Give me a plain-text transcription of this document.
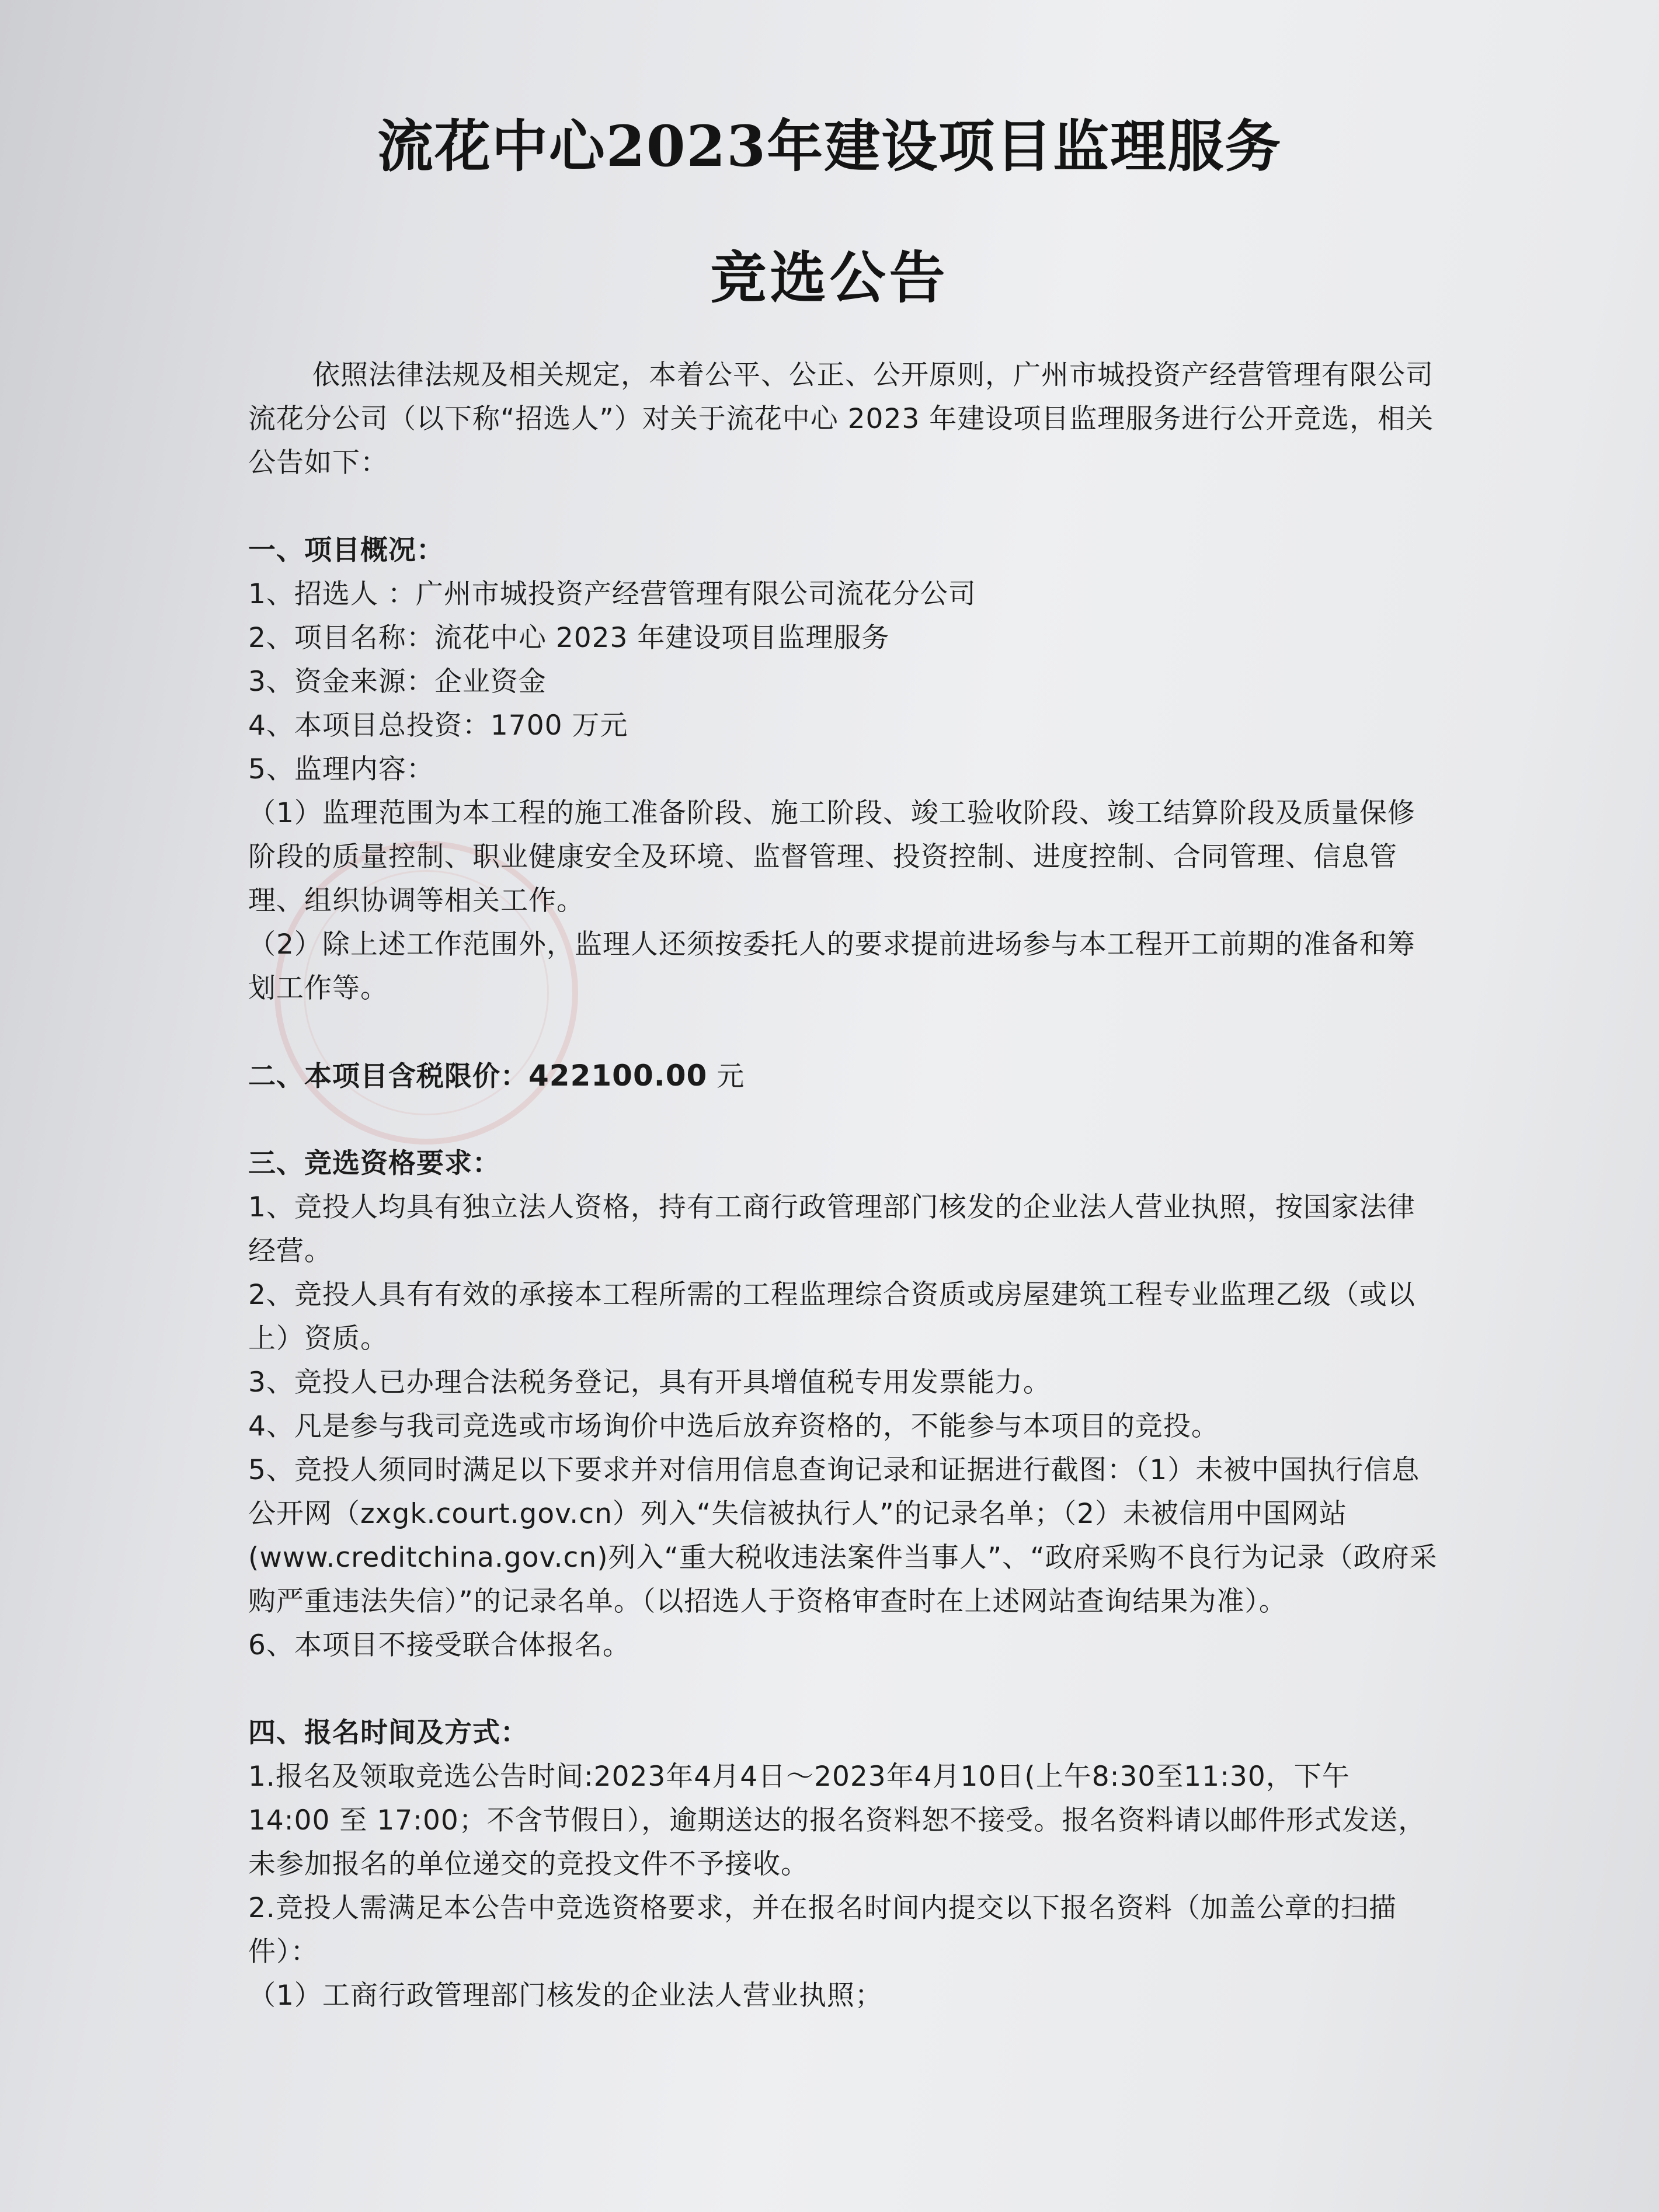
流花中心2023年建设项目监理服务
竞选公告
依照法律法规及相关规定，本着公平、公正、公开原则，广州市城投资产经营管理有限公司流花分公司（以下称“招选人”）对关于流花中心 2023 年建设项目监理服务进行公开竞选，相关公告如下：
一、项目概况：
1、招选人 ：广州市城投资产经营管理有限公司流花分公司
2、项目名称：流花中心 2023 年建设项目监理服务
3、资金来源：企业资金
4、本项目总投资：1700 万元
5、监理内容：
（1）监理范围为本工程的施工准备阶段、施工阶段、竣工验收阶段、竣工结算阶段及质量保修阶段的质量控制、职业健康安全及环境、监督管理、投资控制、进度控制、合同管理、信息管理、组织协调等相关工作。
（2）除上述工作范围外，监理人还须按委托人的要求提前进场参与本工程开工前期的准备和筹划工作等。
二、本项目含税限价：422100.00 元
三、竞选资格要求：
1、竞投人均具有独立法人资格，持有工商行政管理部门核发的企业法人营业执照，按国家法律经营。
2、竞投人具有有效的承接本工程所需的工程监理综合资质或房屋建筑工程专业监理乙级（或以上）资质。
3、竞投人已办理合法税务登记，具有开具增值税专用发票能力。
4、凡是参与我司竞选或市场询价中选后放弃资格的，不能参与本项目的竞投。
5、竞投人须同时满足以下要求并对信用信息查询记录和证据进行截图：（1）未被中国执行信息公开网（zxgk.court.gov.cn）列入“失信被执行人”的记录名单；（2）未被信用中国网站(www.creditchina.gov.cn)列入“重大税收违法案件当事人”、“政府采购不良行为记录（政府采购严重违法失信）”的记录名单。（以招选人于资格审查时在上述网站查询结果为准）。
6、本项目不接受联合体报名。
四、报名时间及方式：
1.报名及领取竞选公告时间:2023年4月4日～2023年4月10日(上午8:30至11:30，下午 14:00 至 17:00；不含节假日），逾期送达的报名资料恕不接受。报名资料请以邮件形式发送，未参加报名的单位递交的竞投文件不予接收。
2.竞投人需满足本公告中竞选资格要求，并在报名时间内提交以下报名资料（加盖公章的扫描件）：
（1）工商行政管理部门核发的企业法人营业执照；
